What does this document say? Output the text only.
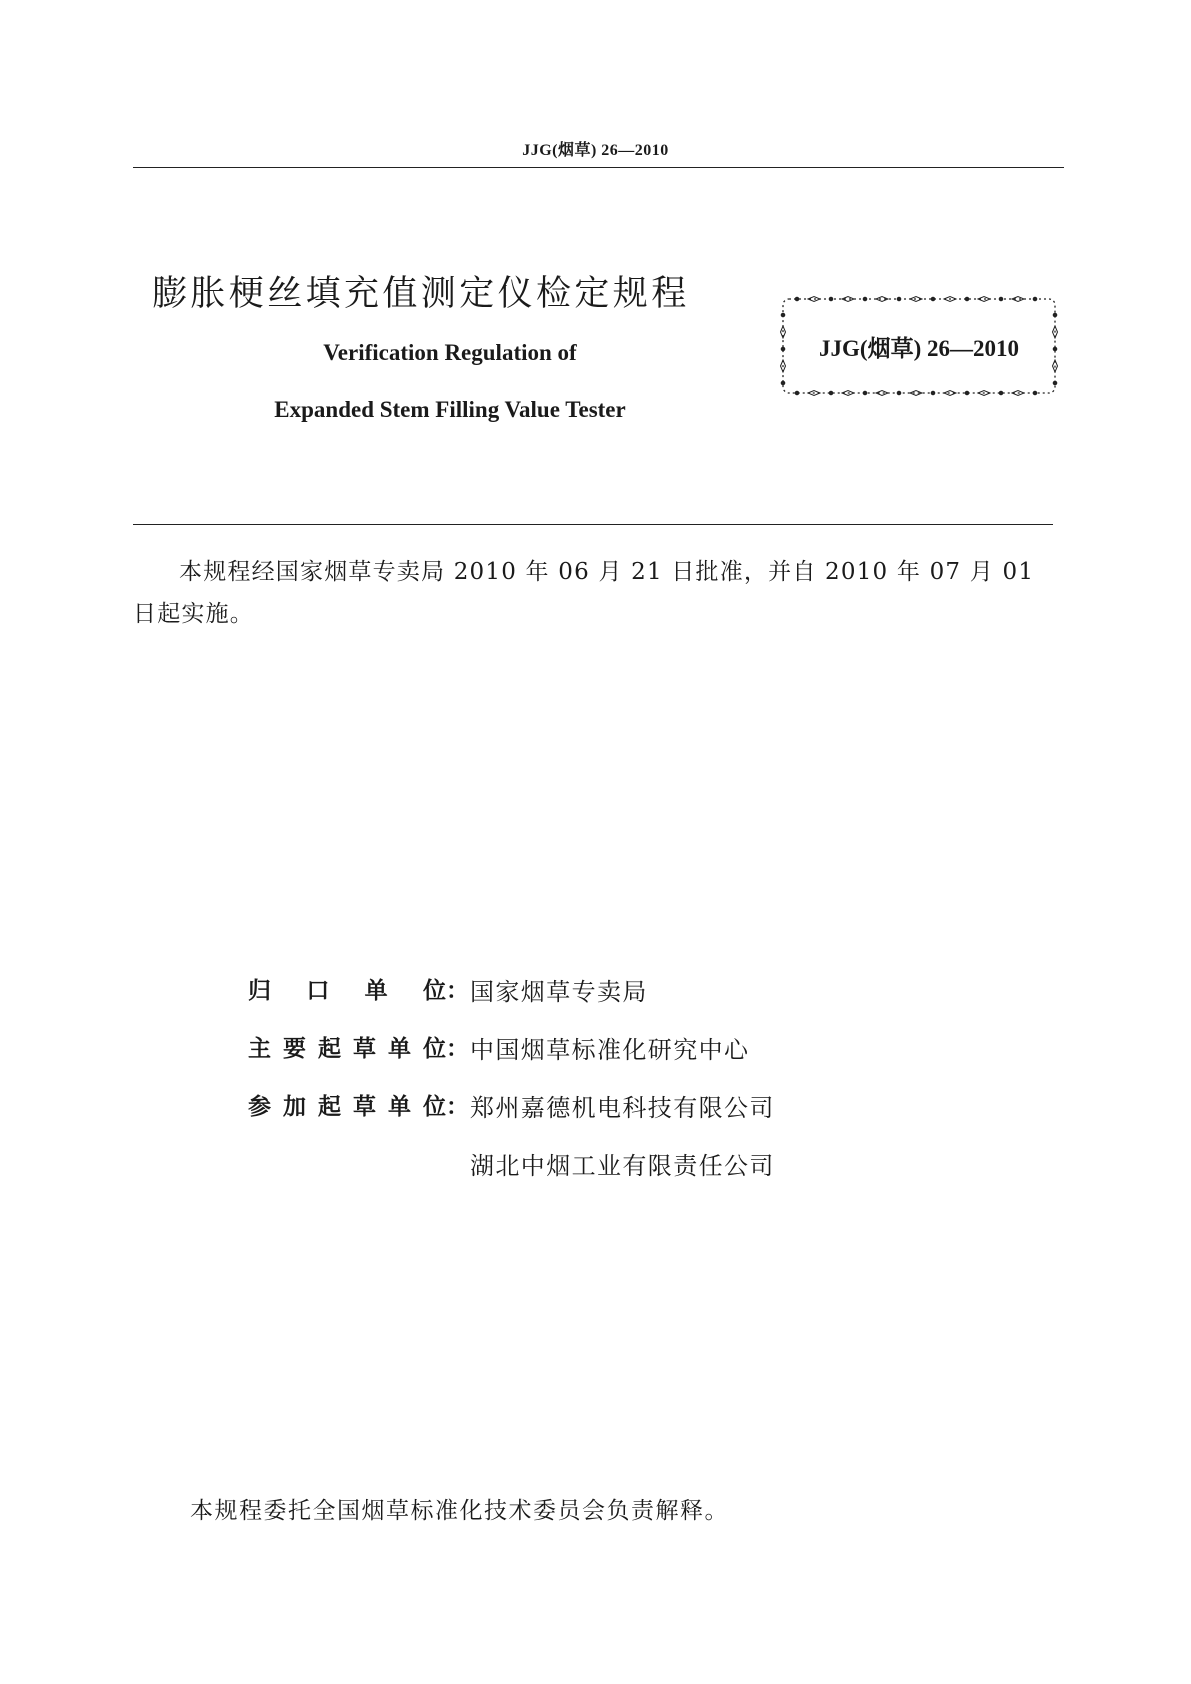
JJG(烟草) 26—2010
膨胀梗丝填充值测定仪检定规程
Verification Regulation of
Expanded Stem Filling Value Tester
JJG(烟草) 26—2010
本规程经国家烟草专卖局 2010 年 06 月 21 日批准，并自 2010 年 07 月 01 日起实施。
归口单位：国家烟草专卖局
主要起草单位：中国烟草标准化研究中心
参加起草单位：郑州嘉德机电科技有限公司
湖北中烟工业有限责任公司
本规程委托全国烟草标准化技术委员会负责解释。
